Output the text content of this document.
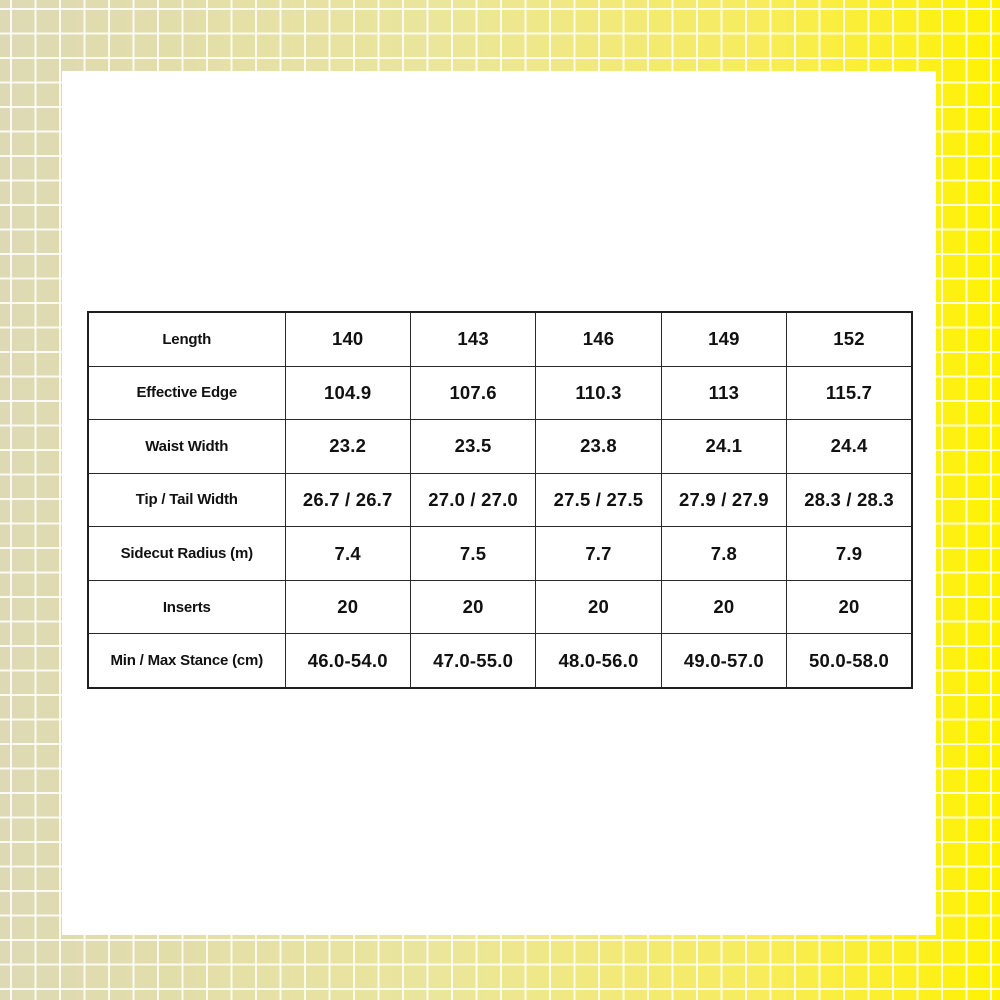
Length	140	143	146	149	152
Effective Edge	104.9	107.6	110.3	113	115.7
Waist Width	23.2	23.5	23.8	24.1	24.4
Tip / Tail Width	26.7 / 26.7	27.0 / 27.0	27.5 / 27.5	27.9 / 27.9	28.3 / 28.3
Sidecut Radius (m)	7.4	7.5	7.7	7.8	7.9
Inserts	20	20	20	20	20
Min / Max Stance (cm)	46.0-54.0	47.0-55.0	48.0-56.0	49.0-57.0	50.0-58.0
